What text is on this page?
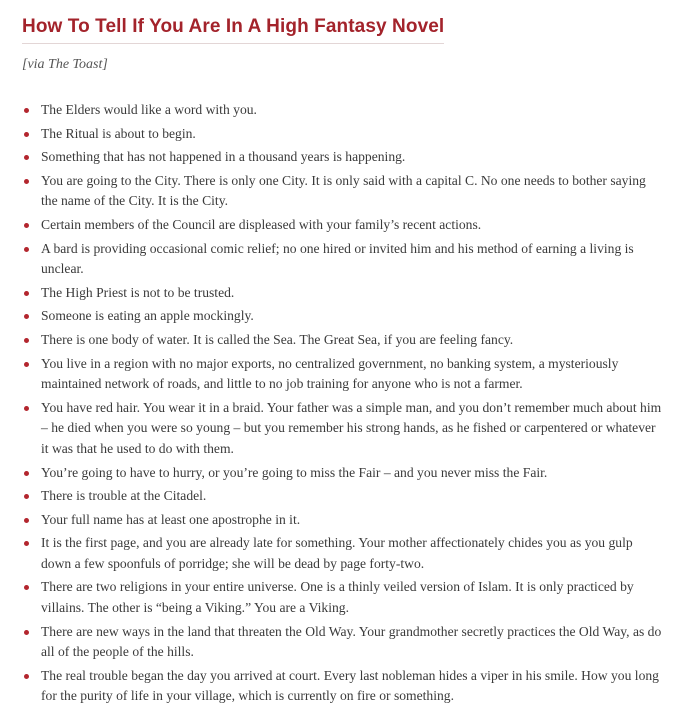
How To Tell If You Are In A High Fantasy Novel

[via The Toast]

The Elders would like a word with you.
The Ritual is about to begin.
Something that has not happened in a thousand years is happening.
You are going to the City. There is only one City. It is only said with a capital C. No one needs to bother saying the name of the City. It is the City.
Certain members of the Council are displeased with your family’s recent actions.
A bard is providing occasional comic relief; no one hired or invited him and his method of earning a living is unclear.
The High Priest is not to be trusted.
Someone is eating an apple mockingly.
There is one body of water. It is called the Sea. The Great Sea, if you are feeling fancy.
You live in a region with no major exports, no centralized government, no banking system, a mysteriously maintained network of roads, and little to no job training for anyone who is not a farmer.
You have red hair. You wear it in a braid. Your father was a simple man, and you don’t remember much about him – he died when you were so young – but you remember his strong hands, as he fished or carpentered or whatever it was that he used to do with them.
You’re going to have to hurry, or you’re going to miss the Fair – and you never miss the Fair.
There is trouble at the Citadel.
Your full name has at least one apostrophe in it.
It is the first page, and you are already late for something. Your mother affectionately chides you as you gulp down a few spoonfuls of porridge; she will be dead by page forty-two.
There are two religions in your entire universe. One is a thinly veiled version of Islam. It is only practiced by villains. The other is “being a Viking.” You are a Viking.
There are new ways in the land that threaten the Old Way. Your grandmother secretly practices the Old Way, as do all of the people of the hills.
The real trouble began the day you arrived at court. Every last nobleman hides a viper in his smile. How you long for the purity of life in your village, which is currently on fire or something.
